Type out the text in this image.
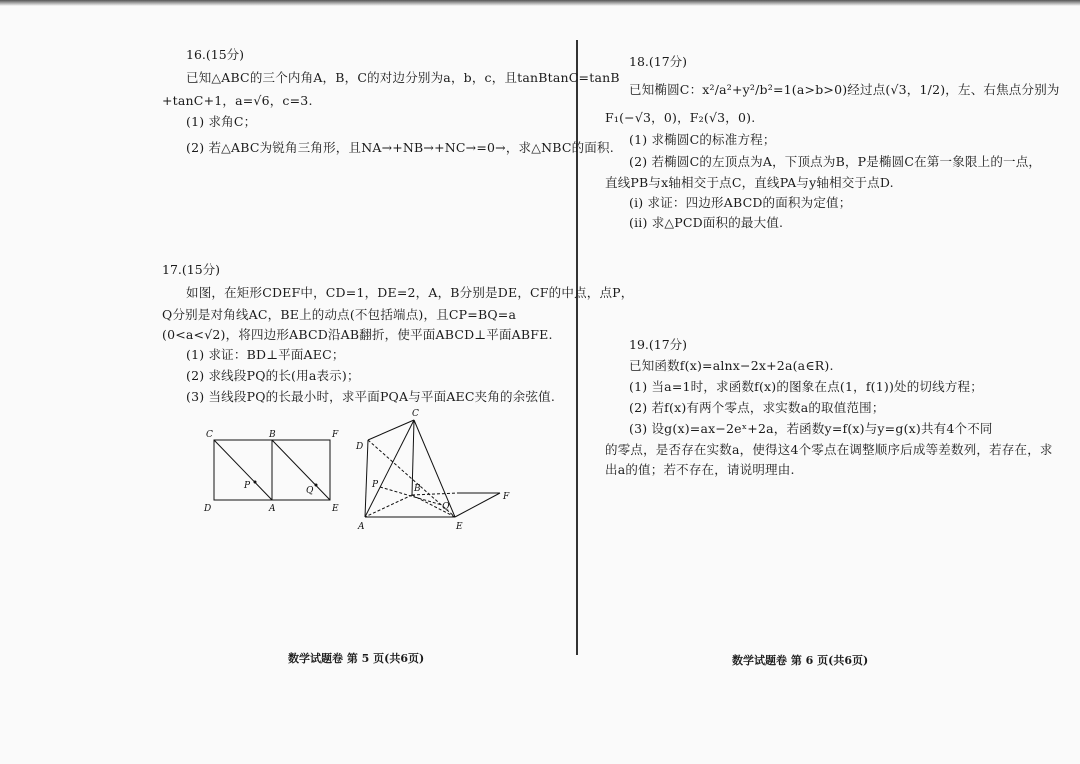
16.(15分)
已知△ABC的三个内角A，B，C的对边分别为a，b，c，且tanBtanC=tanB
+tanC+1，a=√6，c=3.
(1) 求角C；
(2) 若△ABC为锐角三角形，且NA→+NB→+NC→=0→，求△NBC的面积.
17.(15分)
如图，在矩形CDEF中，CD=1，DE=2，A，B分别是DE，CF的中点，点P，
Q分别是对角线AC，BE上的动点(不包括端点)，且CP=BQ=a
(0<a<√2)，将四边形ABCD沿AB翻折，使平面ABCD⊥平面ABFE.
(1) 求证：BD⊥平面AEC；
(2) 求线段PQ的长(用a表示)；
(3) 当线段PQ的长最小时，求平面PQA与平面AEC夹角的余弦值.
C	B	F
D	A	E
P	Q
C
D
P	B
F
Q
A	E
数学试题卷 第 5 页(共6页)
18.(17分)
已知椭圆C：x²/a²+y²/b²=1(a>b>0)经过点(√3，1/2)，左、右焦点分别为
F₁(−√3，0)，F₂(√3，0).
(1) 求椭圆C的标准方程；
(2) 若椭圆C的左顶点为A，下顶点为B，P是椭圆C在第一象限上的一点，
直线PB与x轴相交于点C，直线PA与y轴相交于点D.
(i) 求证：四边形ABCD的面积为定值；
(ii) 求△PCD面积的最大值.
19.(17分)
已知函数f(x)=alnx−2x+2a(a∈R).
(1) 当a=1时，求函数f(x)的图象在点(1，f(1))处的切线方程；
(2) 若f(x)有两个零点，求实数a的取值范围；
(3) 设g(x)=ax−2eˣ+2a，若函数y=f(x)与y=g(x)共有4个不同
的零点，是否存在实数a，使得这4个零点在调整顺序后成等差数列，若存在，求
出a的值；若不存在，请说明理由.
数学试题卷 第 6 页(共6页)
